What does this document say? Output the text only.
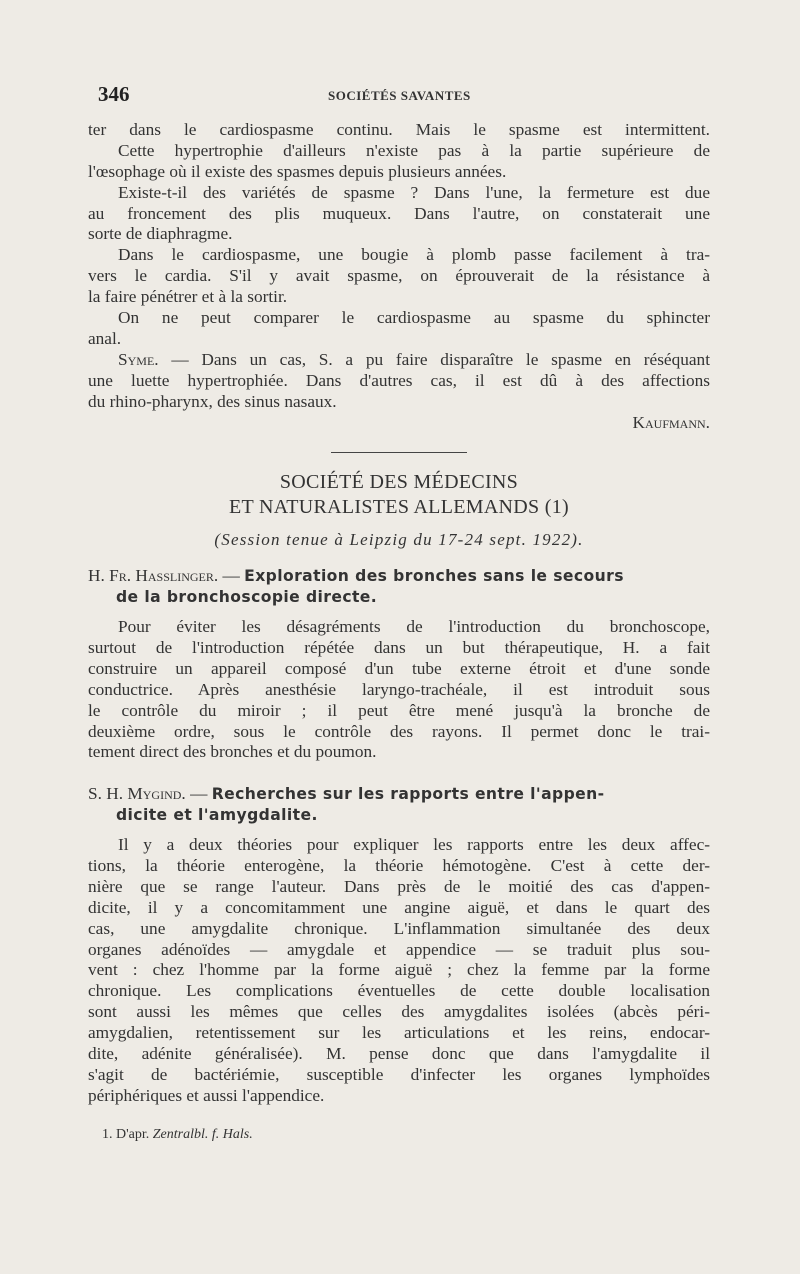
346	SOCIÉTÉS SAVANTES
ter dans le cardiospasme continu. Mais le spasme est intermittent.
Cette hypertrophie d'ailleurs n'existe pas à la partie supérieure de
l'œsophage où il existe des spasmes depuis plusieurs années.
Existe-t-il des variétés de spasme ? Dans l'une, la fermeture est due
au froncement des plis muqueux. Dans l'autre, on constaterait une
sorte de diaphragme.
Dans le cardiospasme, une bougie à plomb passe facilement à tra-
vers le cardia. S'il y avait spasme, on éprouverait de la résistance à
la faire pénétrer et à la sortir.
On ne peut comparer le cardiospasme au spasme du sphincter
anal.
Syme. — Dans un cas, S. a pu faire disparaître le spasme en réséquant
une luette hypertrophiée. Dans d'autres cas, il est dû à des affections
du rhino-pharynx, des sinus nasaux.
Kaufmann.
SOCIÉTÉ DES MÉDECINS
ET NATURALISTES ALLEMANDS (1)
(Session tenue à Leipzig du 17-24 sept. 1922).
H. Fr. Hasslinger. — Exploration des bronches sans le secours
de la bronchoscopie directe.
Pour éviter les désagréments de l'introduction du bronchoscope,
surtout de l'introduction répétée dans un but thérapeutique, H. a fait
construire un appareil composé d'un tube externe étroit et d'une sonde
conductrice. Après anesthésie laryngo-trachéale, il est introduit sous
le contrôle du miroir ; il peut être mené jusqu'à la bronche de
deuxième ordre, sous le contrôle des rayons. Il permet donc le trai-
tement direct des bronches et du poumon.
S. H. Mygind. — Recherches sur les rapports entre l'appen-
dicite et l'amygdalite.
Il y a deux théories pour expliquer les rapports entre les deux affec-
tions, la théorie enterogène, la théorie hémotogène. C'est à cette der-
nière que se range l'auteur. Dans près de le moitié des cas d'appen-
dicite, il y a concomitamment une angine aiguë, et dans le quart des
cas, une amygdalite chronique. L'inflammation simultanée des deux
organes adénoïdes — amygdale et appendice — se traduit plus sou-
vent : chez l'homme par la forme aiguë ; chez la femme par la forme
chronique. Les complications éventuelles de cette double localisation
sont aussi les mêmes que celles des amygdalites isolées (abcès péri-
amygdalien, retentissement sur les articulations et les reins, endocar-
dite, adénite généralisée). M. pense donc que dans l'amygdalite il
s'agit de bactériémie, susceptible d'infecter les organes lymphoïdes
périphériques et aussi l'appendice.
1. D'apr. Zentralbl. f. Hals.
